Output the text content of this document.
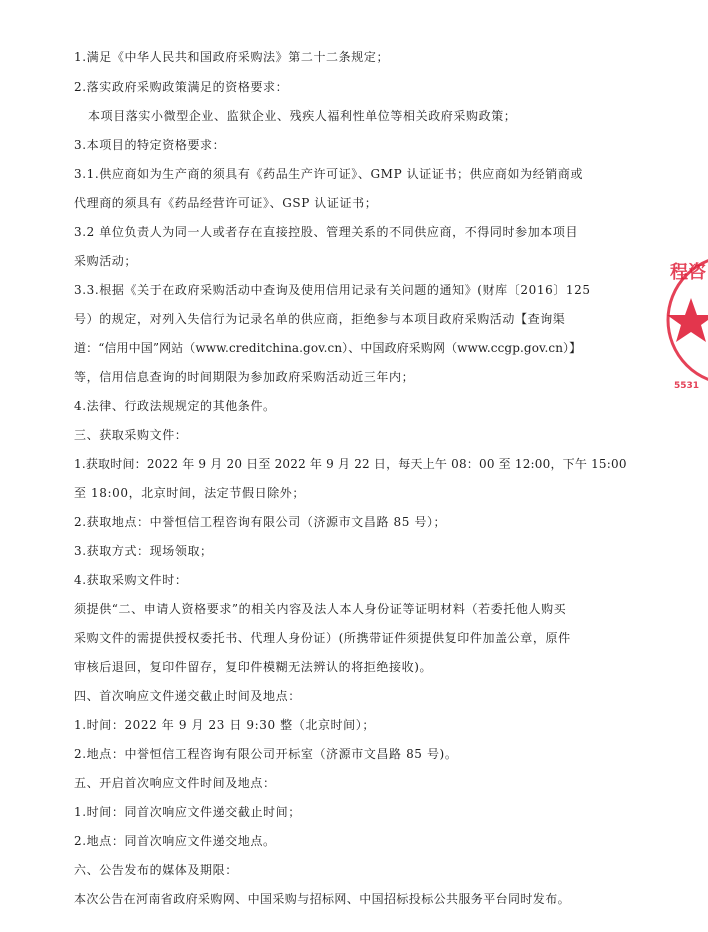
1.满足《中华人民共和国政府采购法》第二十二条规定；
2.落实政府采购政策满足的资格要求：
本项目落实小微型企业、监狱企业、残疾人福利性单位等相关政府采购政策；
3.本项目的特定资格要求：
3.1.供应商如为生产商的须具有《药品生产许可证》、GMP 认证证书；供应商如为经销商或
代理商的须具有《药品经营许可证》、GSP 认证证书；
3.2 单位负责人为同一人或者存在直接控股、管理关系的不同供应商，不得同时参加本项目
采购活动；
3.3.根据《关于在政府采购活动中查询及使用信用记录有关问题的通知》(财库〔2016〕125
号）的规定，对列入失信行为记录名单的供应商，拒绝参与本项目政府采购活动【查询渠
道：“信用中国”网站（www.creditchina.gov.cn）、中国政府采购网（www.ccgp.gov.cn）】
等，信用信息查询的时间期限为参加政府采购活动近三年内；
4.法律、行政法规规定的其他条件。
三、获取采购文件：
1.获取时间：2022 年 9 月 20 日至 2022 年 9 月 22 日，每天上午 08：00 至 12:00，下午 15:00
至 18:00，北京时间，法定节假日除外；
2.获取地点：中誉恒信工程咨询有限公司（济源市文昌路 85 号）；
3.获取方式：现场领取；
4.获取采购文件时：
须提供“二、申请人资格要求”的相关内容及法人本人身份证等证明材料（若委托他人购买
采购文件的需提供授权委托书、代理人身份证）(所携带证件须提供复印件加盖公章，原件
审核后退回，复印件留存，复印件模糊无法辨认的将拒绝接收)。
四、首次响应文件递交截止时间及地点：
1.时间：2022 年 9 月 23 日 9:30 整（北京时间）；
2.地点：中誉恒信工程咨询有限公司开标室（济源市文昌路 85 号)。
五、开启首次响应文件时间及地点：
1.时间：同首次响应文件递交截止时间；
2.地点：同首次响应文件递交地点。
六、公告发布的媒体及期限：
本次公告在河南省政府采购网、中国采购与招标网、中国招标投标公共服务平台同时发布。
程咨
5531
